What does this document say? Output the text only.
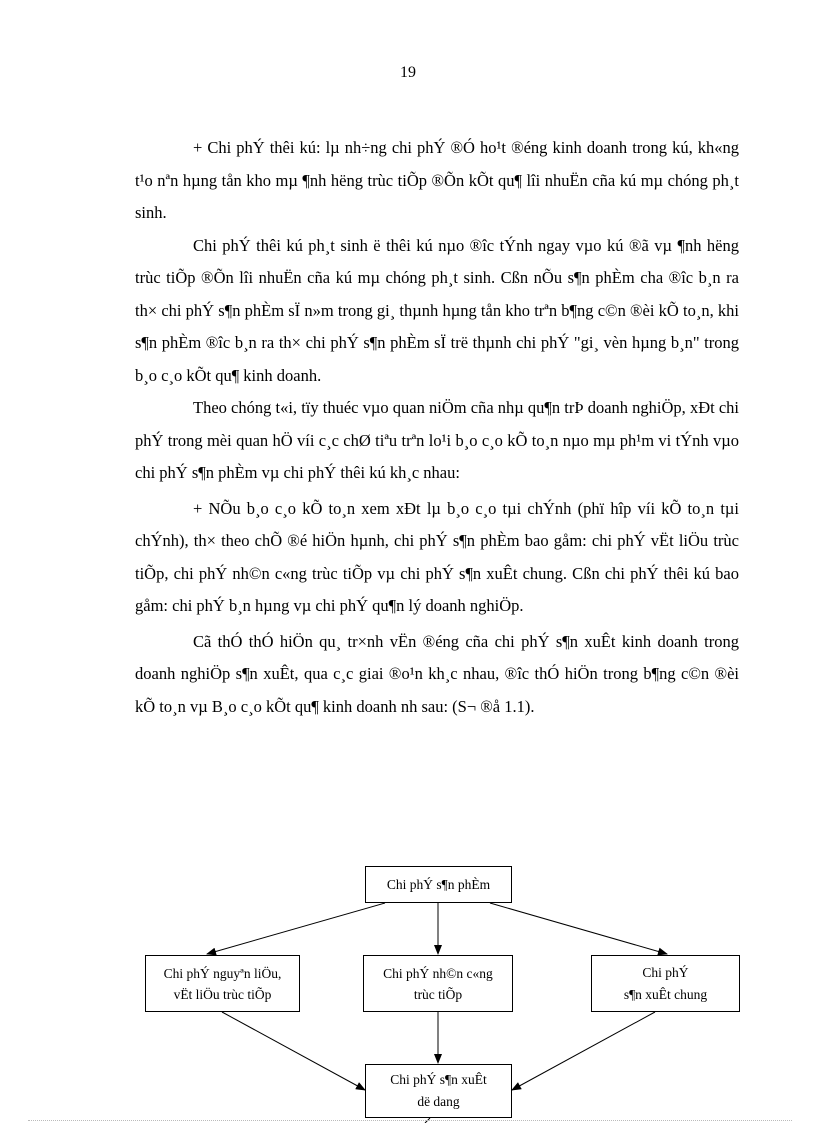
19

+ Chi phÝ thêi kú: lµ nh÷ng chi phÝ ®Ó ho¹t ®éng kinh doanh trong kú, kh«ng t¹o nªn hµng tån kho mµ ¶nh hëng trùc tiÕp ®Õn kÕt qu¶ lîi nhuËn cña kú mµ chóng ph¸t sinh.

Chi phÝ thêi kú ph¸t sinh ë thêi kú nµo ®îc tÝnh ngay vµo kú ®ã vµ ¶nh hëng trùc tiÕp ®Õn lîi nhuËn cña kú mµ chóng ph¸t sinh. Cßn nÕu s¶n phÈm cha ®îc b¸n ra th× chi phÝ s¶n phÈm sÏ n»m trong gi¸ thµnh hµng tån kho trªn b¶ng c©n ®èi kÕ to¸n, khi s¶n phÈm ®îc b¸n ra th× chi phÝ s¶n phÈm sÏ trë thµnh chi phÝ "gi¸ vèn hµng b¸n" trong b¸o c¸o kÕt qu¶ kinh doanh.

Theo chóng t«i, tïy thuéc vµo quan niÖm cña nhµ qu¶n trÞ doanh nghiÖp, xÐt chi phÝ trong mèi quan hÖ víi c¸c chØ tiªu trªn lo¹i b¸o c¸o kÕ to¸n nµo mµ ph¹m vi tÝnh vµo chi phÝ s¶n phÈm vµ chi phÝ thêi kú kh¸c nhau:

+ NÕu b¸o c¸o kÕ to¸n xem xÐt lµ b¸o c¸o tµi chÝnh (phï hîp víi kÕ to¸n tµi chÝnh), th× theo chÕ ®é hiÖn hµnh, chi phÝ s¶n phÈm bao gåm: chi phÝ vËt liÖu trùc tiÕp, chi phÝ nh©n c«ng trùc tiÕp vµ chi phÝ s¶n xuÊt chung. Cßn chi phÝ thêi kú bao gåm: chi phÝ b¸n hµng vµ chi phÝ qu¶n lý doanh nghiÖp.

Cã thÓ thÓ hiÖn qu¸ tr×nh vËn ®éng cña chi phÝ s¶n xuÊt kinh doanh trong doanh nghiÖp s¶n xuÊt, qua c¸c giai ®o¹n kh¸c nhau, ®îc thÓ hiÖn trong b¶ng c©n ®èi kÕ to¸n vµ B¸o c¸o kÕt qu¶ kinh doanh nh sau: (S¬ ®å 1.1).

Chi phÝ s¶n phÈm
Chi phÝ nguyªn liÖu,
vËt liÖu trùc tiÕp
Chi phÝ nh©n c«ng
trùc tiÕp
Chi phÝ
s¶n xuÊt chung
Chi phÝ s¶n xuÊt
dë dang
